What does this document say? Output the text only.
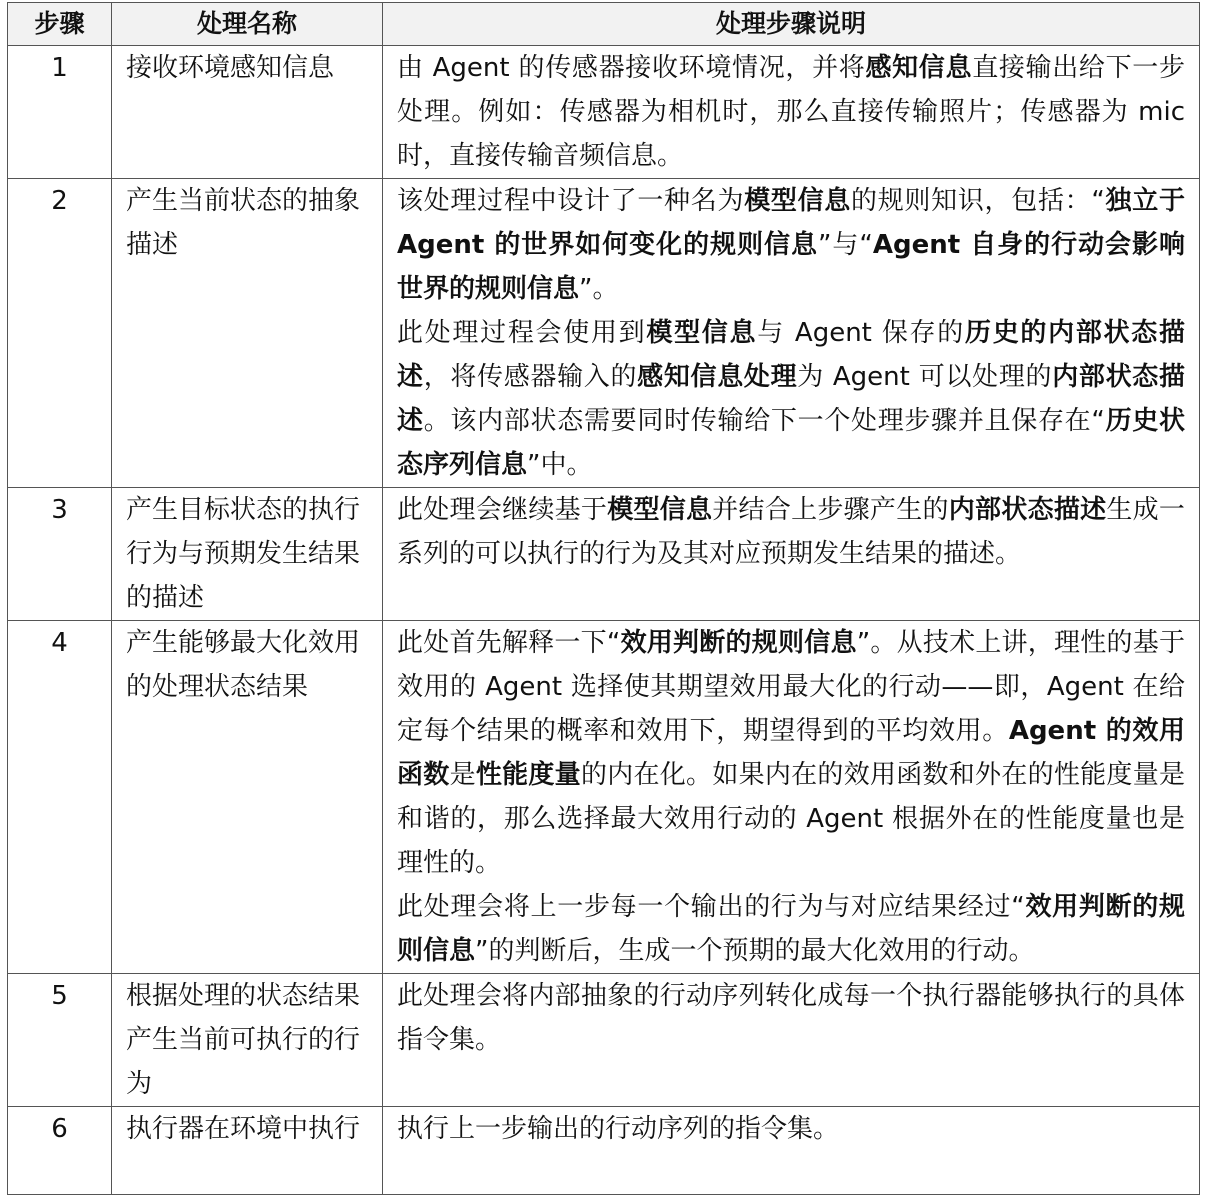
步骤	处理名称	处理步骤说明
1	接收环境感知信息	由 Agent 的传感器接收环境情况，并将感知信息直接输出给下一步处理。例如：传感器为相机时，那么直接传输照片；传感器为 mic 时，直接传输音频信息。

2	产生当前状态的抽象描述	该处理过程中设计了一种名为模型信息的规则知识，包括：“独立于 Agent 的世界如何变化的规则信息”与“Agent 自身的行动会影响世界的规则信息”。
此处理过程会使用到模型信息与 Agent 保存的历史的内部状态描述，将传感器输入的感知信息处理为 Agent 可以处理的内部状态描述。该内部状态需要同时传输给下一个处理步骤并且保存在“历史状态序列信息”中。

3	产生目标状态的执行行为与预期发生结果的描述	此处理会继续基于模型信息并结合上步骤产生的内部状态描述生成一系列的可以执行的行为及其对应预期发生结果的描述。

4	产生能够最大化效用的处理状态结果	此处首先解释一下“效用判断的规则信息”。从技术上讲，理性的基于效用的 Agent 选择使其期望效用最大化的行动——即，Agent 在给定每个结果的概率和效用下，期望得到的平均效用。Agent 的效用函数是性能度量的内在化。如果内在的效用函数和外在的性能度量是和谐的，那么选择最大效用行动的 Agent 根据外在的性能度量也是理性的。
此处理会将上一步每一个输出的行为与对应结果经过“效用判断的规则信息”的判断后，生成一个预期的最大化效用的行动。

5	根据处理的状态结果产生当前可执行的行为	此处理会将内部抽象的行动序列转化成每一个执行器能够执行的具体指令集。

6	执行器在环境中执行	执行上一步输出的行动序列的指令集。
